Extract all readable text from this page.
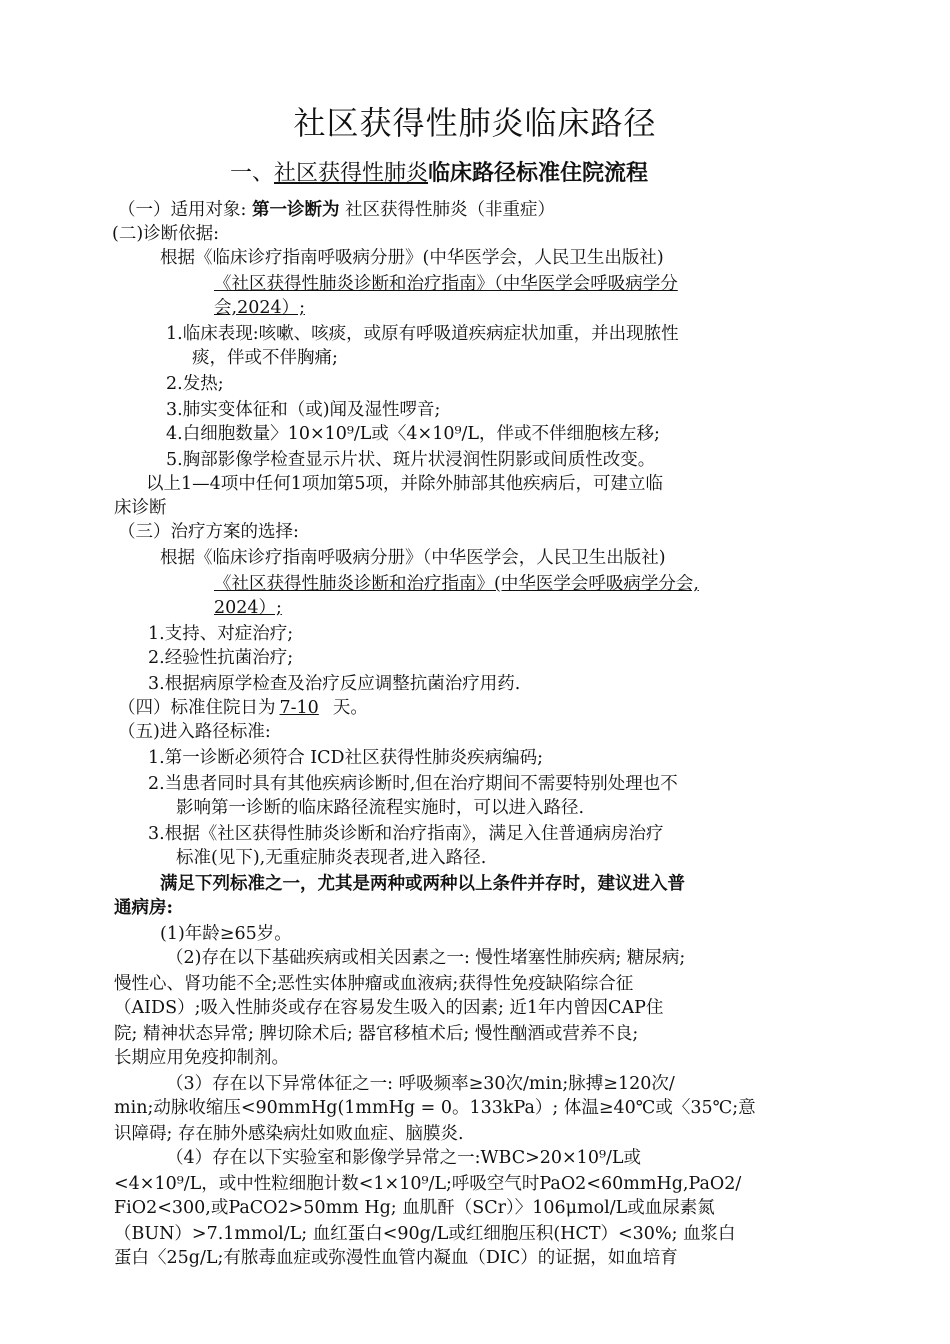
社区获得性肺炎临床路径
一、社区获得性肺炎临床路径标准住院流程
（一）适用对象: 第一诊断为 社区获得性肺炎（非重症）
(二)诊断依据:
根据《临床诊疗指南呼吸病分册》(中华医学会，人民卫生出版社)
《社区获得性肺炎诊断和治疗指南》（中华医学会呼吸病学分
会,2024）;
1.临床表现:咳嗽、咳痰，或原有呼吸道疾病症状加重，并出现脓性
痰，伴或不伴胸痛;
2.发热;
3.肺实变体征和（或)闻及湿性啰音;
4.白细胞数量〉10×10⁹/L或〈4×10⁹/L，伴或不伴细胞核左移;
5.胸部影像学检查显示片状、斑片状浸润性阴影或间质性改变。
以上1—4项中任何1项加第5项，并除外肺部其他疾病后，可建立临
床诊断
（三）治疗方案的选择:
根据《临床诊疗指南呼吸病分册》（中华医学会，人民卫生出版社)
《社区获得性肺炎诊断和治疗指南》(中华医学会呼吸病学分会,
2024）;
1.支持、对症治疗;
2.经验性抗菌治疗;
3.根据病原学检查及治疗反应调整抗菌治疗用药.
（四）标准住院日为 7-10 天。
（五)进入路径标准:
1.第一诊断必须符合 ICD社区获得性肺炎疾病编码;
2.当患者同时具有其他疾病诊断时,但在治疗期间不需要特别处理也不
影响第一诊断的临床路径流程实施时，可以进入路径.
3.根据《社区获得性肺炎诊断和治疗指南》，满足入住普通病房治疗
标准(见下),无重症肺炎表现者,进入路径.
满足下列标准之一，尤其是两种或两种以上条件并存时，建议进入普
通病房:
(1)年龄≥65岁。
（2)存在以下基础疾病或相关因素之一: 慢性堵塞性肺疾病; 糖尿病;
慢性心、肾功能不全;恶性实体肿瘤或血液病;获得性免疫缺陷综合征
（AIDS）;吸入性肺炎或存在容易发生吸入的因素; 近1年内曾因CAP住
院; 精神状态异常; 脾切除术后; 器官移植术后; 慢性酗酒或营养不良;
长期应用免疫抑制剂。
（3）存在以下异常体征之一: 呼吸频率≥30次/min;脉搏≥120次/
min;动脉收缩压<90mmHg(1mmHg = 0。133kPa）; 体温≥40℃或〈35℃;意
识障碍; 存在肺外感染病灶如败血症、脑膜炎.
（4）存在以下实验室和影像学异常之一:WBC>20×10⁹/L或
<4×10⁹/L，或中性粒细胞计数<1×10⁹/L;呼吸空气时PaO2<60mmHg,PaO2/
FiO2<300,或PaCO2>50mm Hg; 血肌酐（SCr）〉106μmol/L或血尿素氮
（BUN）>7.1mmol/L; 血红蛋白<90g/L或红细胞压积(HCT）<30%; 血浆白
蛋白〈25g/L;有脓毒血症或弥漫性血管内凝血（DIC）的证据，如血培育
